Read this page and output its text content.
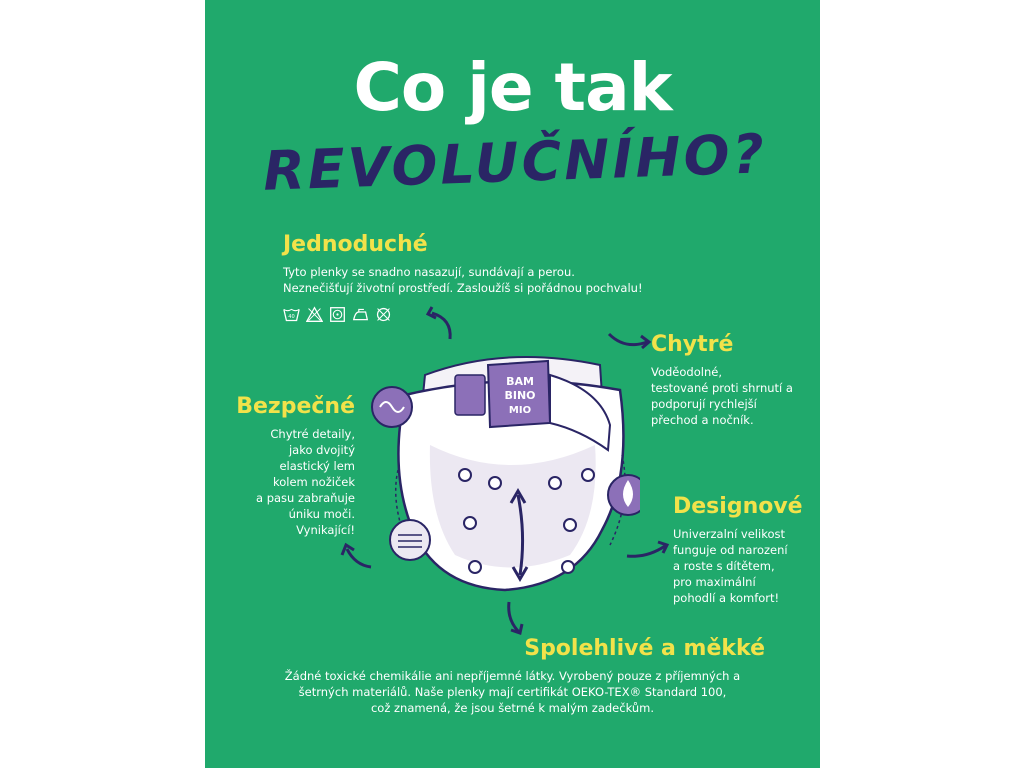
Co je tak
REVOLUČNÍHO?
Jednoduché

Tyto plenky se snadno nasazují, sundávají a perou.
Neznečišťují životní prostředí. Zasloužíš si pořádnou pochvalu!

40
Chytré

Voděodolné,
testované proti shrnutí a
podporují rychlejší
přechod a nočník.

Bezpečné

Chytré detaily,
jako dvojitý
elastický lem
kolem nožiček
a pasu zabraňuje
úniku moči.
Vynikající!

Designové

Univerzalní velikost
funguje od narození
a roste s dítětem,
pro maximální
pohodlí a komfort!

Spolehlivé a měkké

Žádné toxické chemikálie ani nepříjemné látky. Vyrobený pouze z příjemných a
šetrných materiálů. Naše plenky mají certifikát OEKO-TEX® Standard 100,
což znamená, že jsou šetrné k malým zadečkům.

BAM
BINO
MIO
